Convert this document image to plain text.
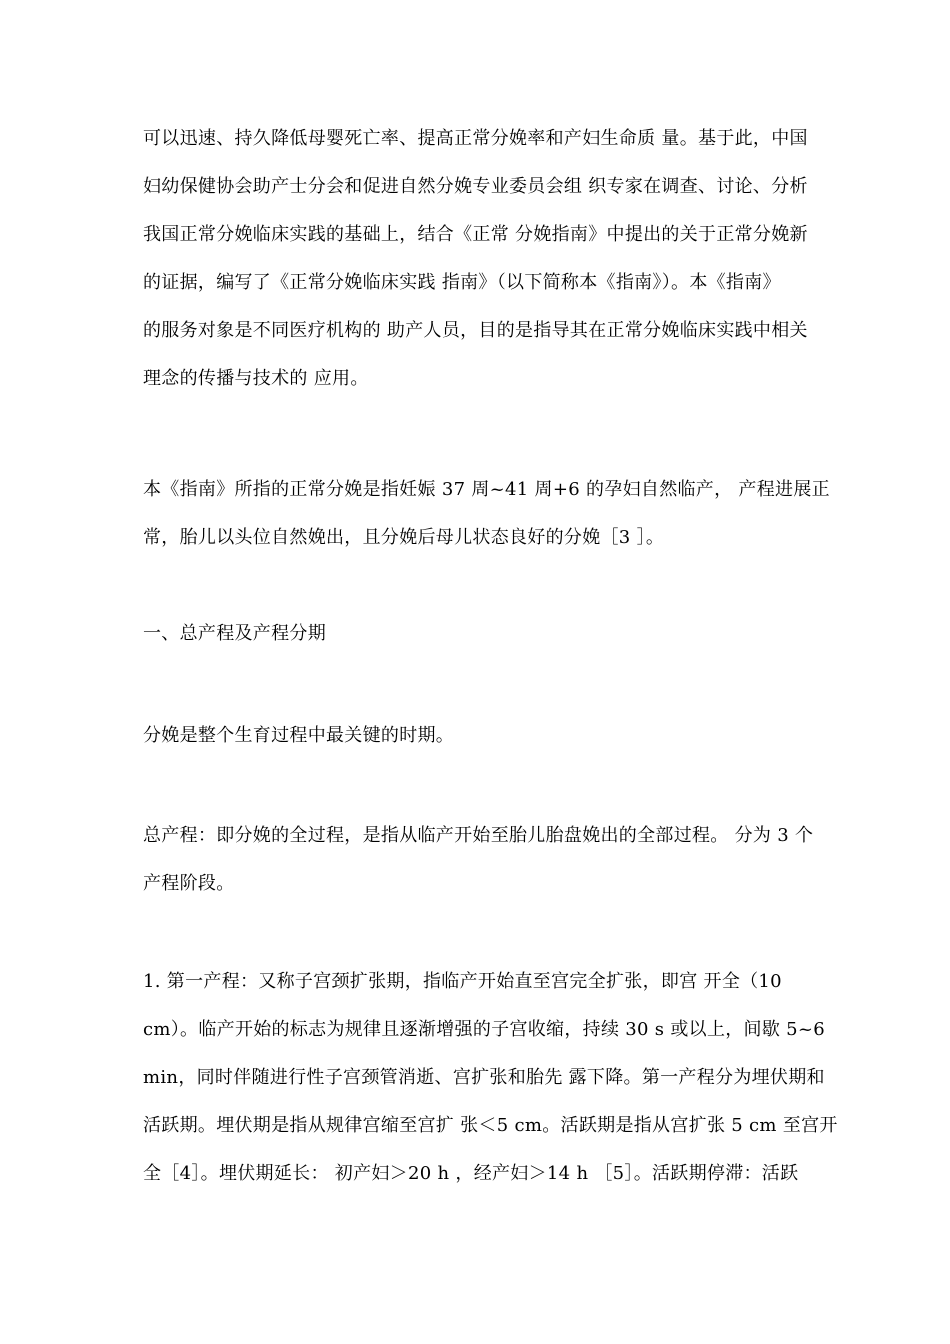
可以迅速、持久降低母婴死亡率、提高正常分娩率和产妇生命质 量。基于此，中国
妇幼保健协会助产士分会和促进自然分娩专业委员会组 织专家在调查、讨论、分析
我国正常分娩临床实践的基础上，结合《正常 分娩指南》中提出的关于正常分娩新
的证据，编写了《正常分娩临床实践 指南》（以下简称本《指南》）。本《指南》
的服务对象是不同医疗机构的 助产人员，目的是指导其在正常分娩临床实践中相关
理念的传播与技术的 应用。
本《指南》所指的正常分娩是指妊娠 37 周~41 周+6 的孕妇自然临产， 产程进展正
常，胎儿以头位自然娩出，且分娩后母儿状态良好的分娩［3 ］。
一、总产程及产程分期
分娩是整个生育过程中最关键的时期。
总产程：即分娩的全过程，是指从临产开始至胎儿胎盘娩出的全部过程。 分为 3 个
产程阶段。
1. 第一产程：又称子宫颈扩张期，指临产开始直至宫完全扩张，即宫 开全（10
cm）。临产开始的标志为规律且逐渐增强的子宫收缩，持续 30 s 或以上，间歇 5~6
min，同时伴随进行性子宫颈管消逝、宫扩张和胎先 露下降。第一产程分为埋伏期和
活跃期。埋伏期是指从规律宫缩至宫扩 张＜5 cm。活跃期是指从宫扩张 5 cm 至宫开
全［4］。埋伏期延长： 初产妇＞20 h ，经产妇＞14 h ［5］。活跃期停滞：活跃
